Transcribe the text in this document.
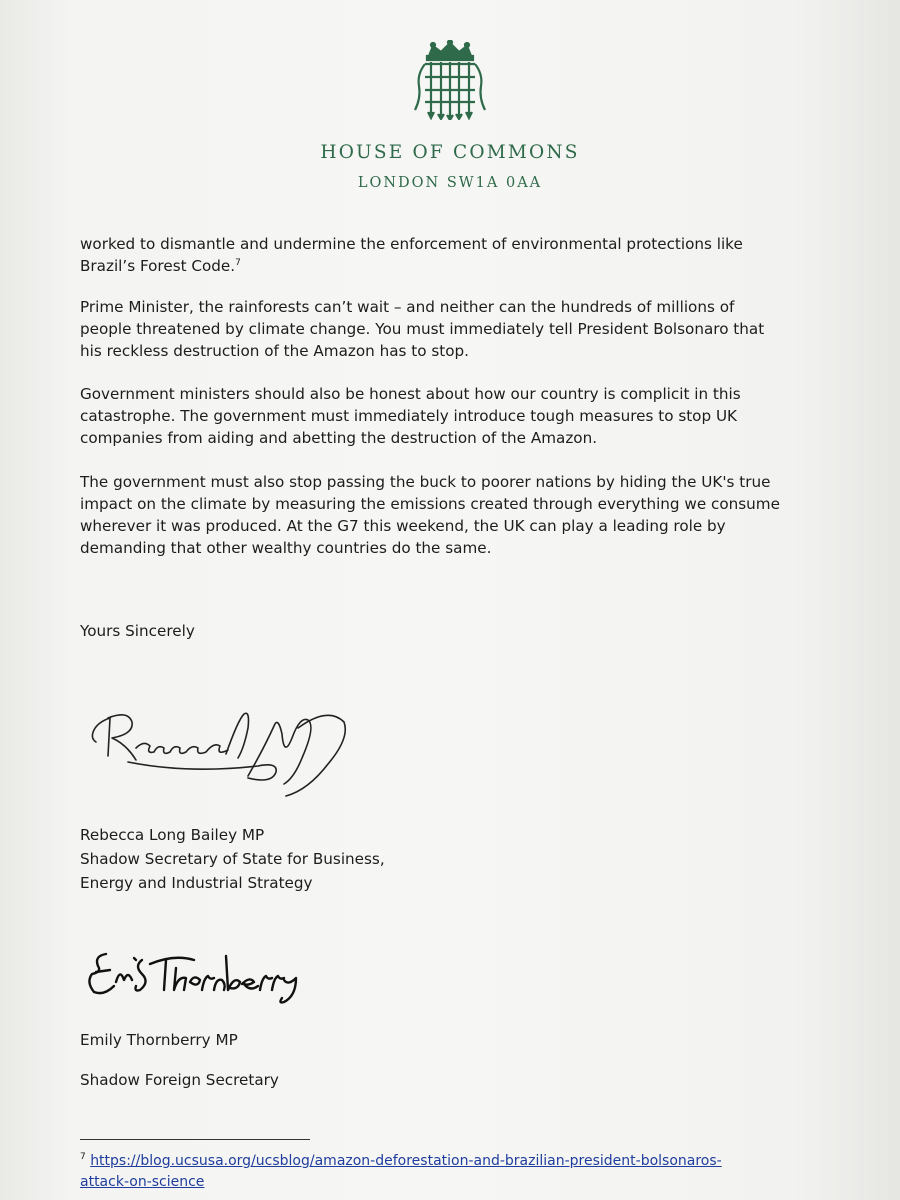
HOUSE OF COMMONS
LONDON SW1A 0AA

worked to dismantle and undermine the enforcement of environmental protections like
Brazil’s Forest Code.$^7$

Prime Minister, the rainforests can’t wait – and neither can the hundreds of millions of
people threatened by climate change. You must immediately tell President Bolsonaro that
his reckless destruction of the Amazon has to stop.

Government ministers should also be honest about how our country is complicit in this
catastrophe. The government must immediately introduce tough measures to stop UK
companies from aiding and abetting the destruction of the Amazon.

The government must also stop passing the buck to poorer nations by hiding the UK's true
impact on the climate by measuring the emissions created through everything we consume
wherever it was produced. At the G7 this weekend, the UK can play a leading role by
demanding that other wealthy countries do the same.

Yours Sincerely
Rebecca Long Bailey MP
Shadow Secretary of State for Business,
Energy and Industrial Strategy
Emily Thornberry MP
Shadow Foreign Secretary
$^7$ https://blog.ucsusa.org/ucsblog/amazon-deforestation-and-brazilian-president-bolsonaros-
attack-on-science
